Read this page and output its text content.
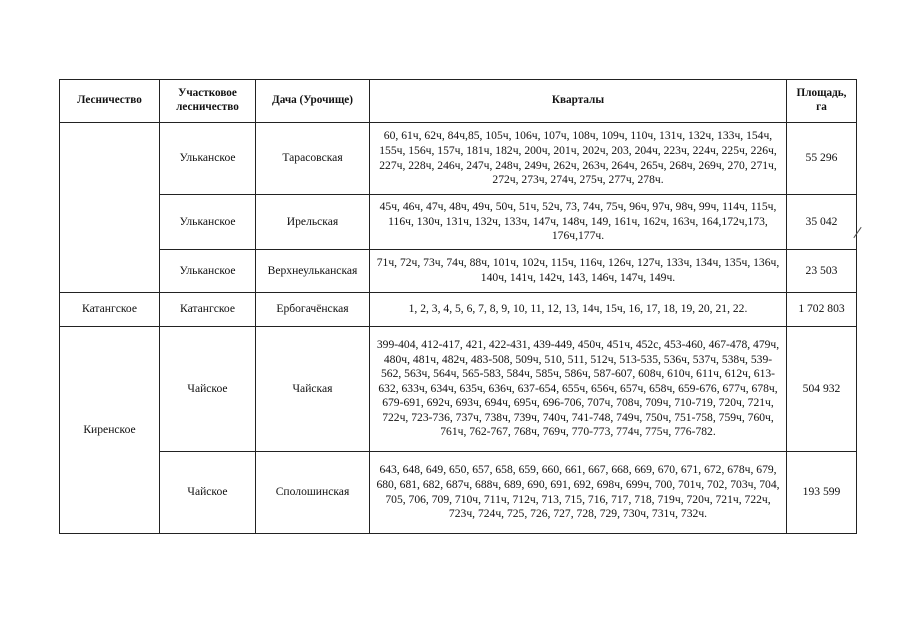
Лесничество	Участковое лесничество	Дача (Урочище)	Кварталы	Площадь, га
	Ульканское	Тарасовская	60, 61ч, 62ч, 84ч,85, 105ч, 106ч, 107ч, 108ч, 109ч, 110ч, 131ч, 132ч, 133ч, 154ч, 155ч, 156ч, 157ч, 181ч, 182ч, 200ч, 201ч, 202ч, 203, 204ч, 223ч, 224ч, 225ч, 226ч, 227ч, 228ч, 246ч, 247ч, 248ч, 249ч, 262ч, 263ч, 264ч, 265ч, 268ч, 269ч, 270, 271ч, 272ч, 273ч, 274ч, 275ч, 277ч, 278ч.	55 296
	Ульканское	Ирельская	45ч, 46ч, 47ч, 48ч, 49ч, 50ч, 51ч, 52ч, 73, 74ч, 75ч, 96ч, 97ч, 98ч, 99ч, 114ч, 115ч, 116ч, 130ч, 131ч, 132ч, 133ч, 147ч, 148ч, 149, 161ч, 162ч, 163ч, 164,172ч,173, 176ч,177ч.	35 042
	Ульканское	Верхнеульканская	71ч, 72ч, 73ч, 74ч, 88ч, 101ч, 102ч, 115ч, 116ч, 126ч, 127ч, 133ч, 134ч, 135ч, 136ч, 140ч, 141ч, 142ч, 143, 146ч, 147ч, 149ч.	23 503
Катангское	Катангское	Ербогачёнская	1, 2, 3, 4, 5, 6, 7, 8, 9, 10, 11, 12, 13, 14ч, 15ч, 16, 17, 18, 19, 20, 21, 22.	1 702 803
Киренское	Чайское	Чайская	399-404, 412-417, 421, 422-431, 439-449, 450ч, 451ч, 452с, 453-460, 467-478, 479ч, 480ч, 481ч, 482ч, 483-508, 509ч, 510, 511, 512ч, 513-535, 536ч, 537ч, 538ч, 539-562, 563ч, 564ч, 565-583, 584ч, 585ч, 586ч, 587-607, 608ч, 610ч, 611ч, 612ч, 613-632, 633ч, 634ч, 635ч, 636ч, 637-654, 655ч, 656ч, 657ч, 658ч, 659-676, 677ч, 678ч, 679-691, 692ч, 693ч, 694ч, 695ч, 696-706, 707ч, 708ч, 709ч, 710-719, 720ч, 721ч, 722ч, 723-736, 737ч, 738ч, 739ч, 740ч, 741-748, 749ч, 750ч, 751-758, 759ч, 760ч, 761ч, 762-767, 768ч, 769ч, 770-773, 774ч, 775ч, 776-782.	504 932
	Чайское	Сполошинская	643, 648, 649, 650, 657, 658, 659, 660, 661, 667, 668, 669, 670, 671, 672, 678ч, 679, 680, 681, 682, 687ч, 688ч, 689, 690, 691, 692, 698ч, 699ч, 700, 701ч, 702, 703ч, 704, 705, 706, 709, 710ч, 711ч, 712ч, 713, 715, 716, 717, 718, 719ч, 720ч, 721ч, 722ч, 723ч, 724ч, 725, 726, 727, 728, 729, 730ч, 731ч, 732ч.	193 599
